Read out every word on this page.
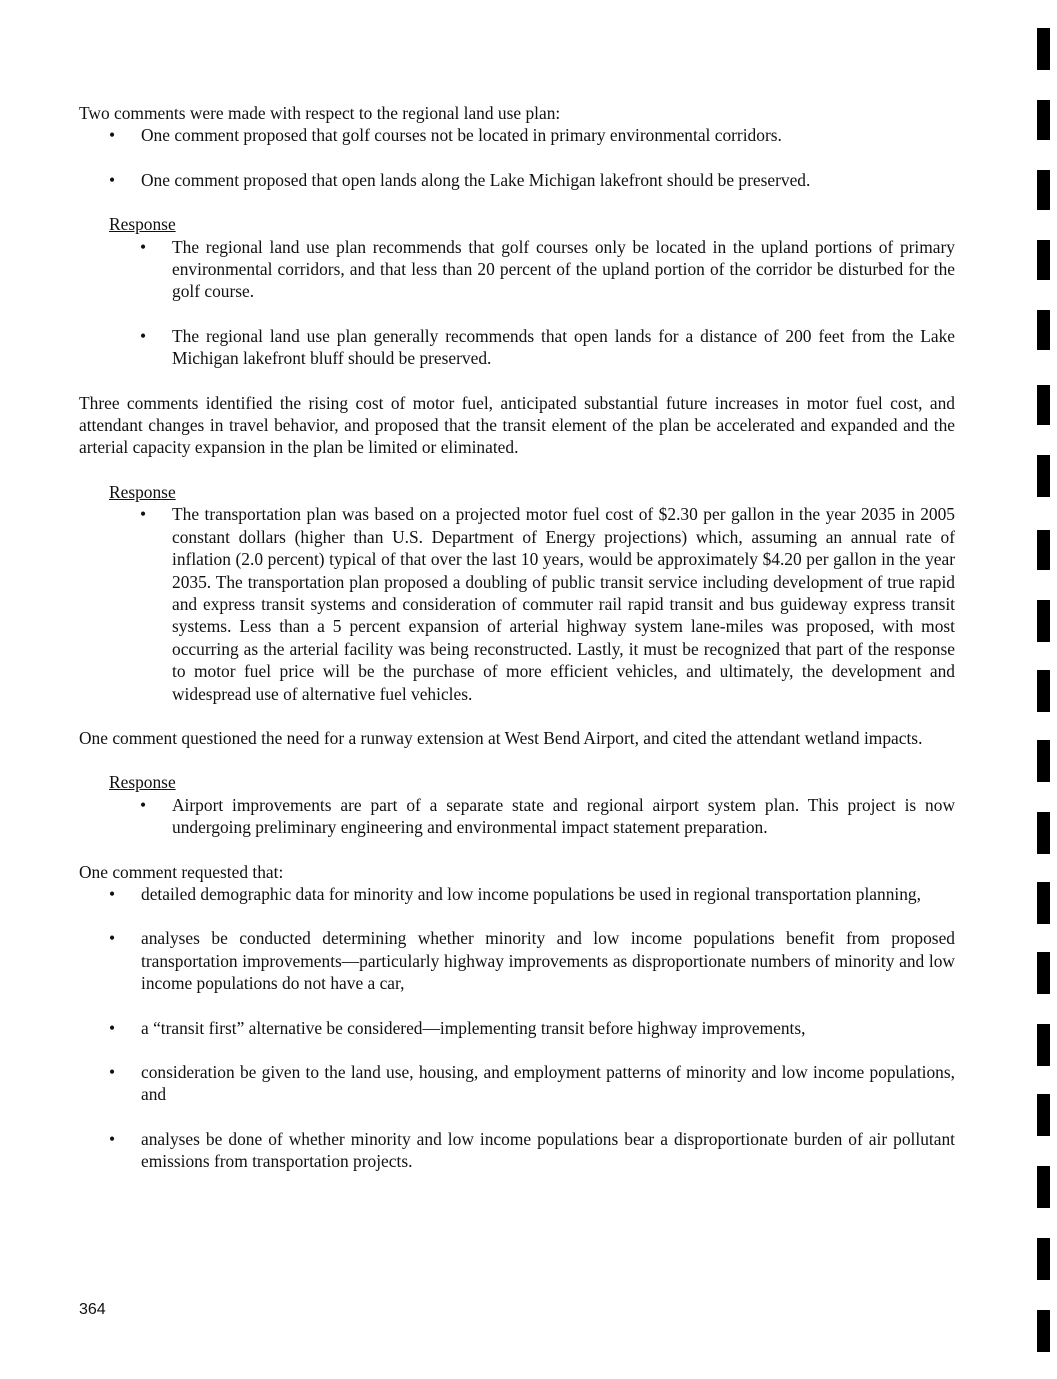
Two comments were made with respect to the regional land use plan:

• One comment proposed that golf courses not be located in primary environmental corridors.
• One comment proposed that open lands along the Lake Michigan lakefront should be preserved.

Response

• The regional land use plan recommends that golf courses only be located in the upland portions of primary environmental corridors, and that less than 20 percent of the upland portion of the corridor be disturbed for the golf course.
• The regional land use plan generally recommends that open lands for a distance of 200 feet from the Lake Michigan lakefront bluff should be preserved.

Three comments identified the rising cost of motor fuel, anticipated substantial future increases in motor fuel cost, and attendant changes in travel behavior, and proposed that the transit element of the plan be accelerated and expanded and the arterial capacity expansion in the plan be limited or eliminated.

Response

• The transportation plan was based on a projected motor fuel cost of $2.30 per gallon in the year 2035 in 2005 constant dollars (higher than U.S. Department of Energy projections) which, assuming an annual rate of inflation (2.0 percent) typical of that over the last 10 years, would be approximately $4.20 per gallon in the year 2035. The transportation plan proposed a doubling of public transit service including development of true rapid and express transit systems and consideration of commuter rail rapid transit and bus guideway express transit systems. Less than a 5 percent expansion of arterial highway system lane-miles was proposed, with most occurring as the arterial facility was being reconstructed. Lastly, it must be recognized that part of the response to motor fuel price will be the purchase of more efficient vehicles, and ultimately, the development and widespread use of alternative fuel vehicles.

One comment questioned the need for a runway extension at West Bend Airport, and cited the attendant wetland impacts.

Response

• Airport improvements are part of a separate state and regional airport system plan. This project is now undergoing preliminary engineering and environmental impact statement preparation.

One comment requested that:

• detailed demographic data for minority and low income populations be used in regional transportation planning,
• analyses be conducted determining whether minority and low income populations benefit from proposed transportation improvements—particularly highway improvements as disproportionate numbers of minority and low income populations do not have a car,
• a “transit first” alternative be considered—implementing transit before highway improvements,
• consideration be given to the land use, housing, and employment patterns of minority and low income populations, and
• analyses be done of whether minority and low income populations bear a disproportionate burden of air pollutant emissions from transportation projects.
364
